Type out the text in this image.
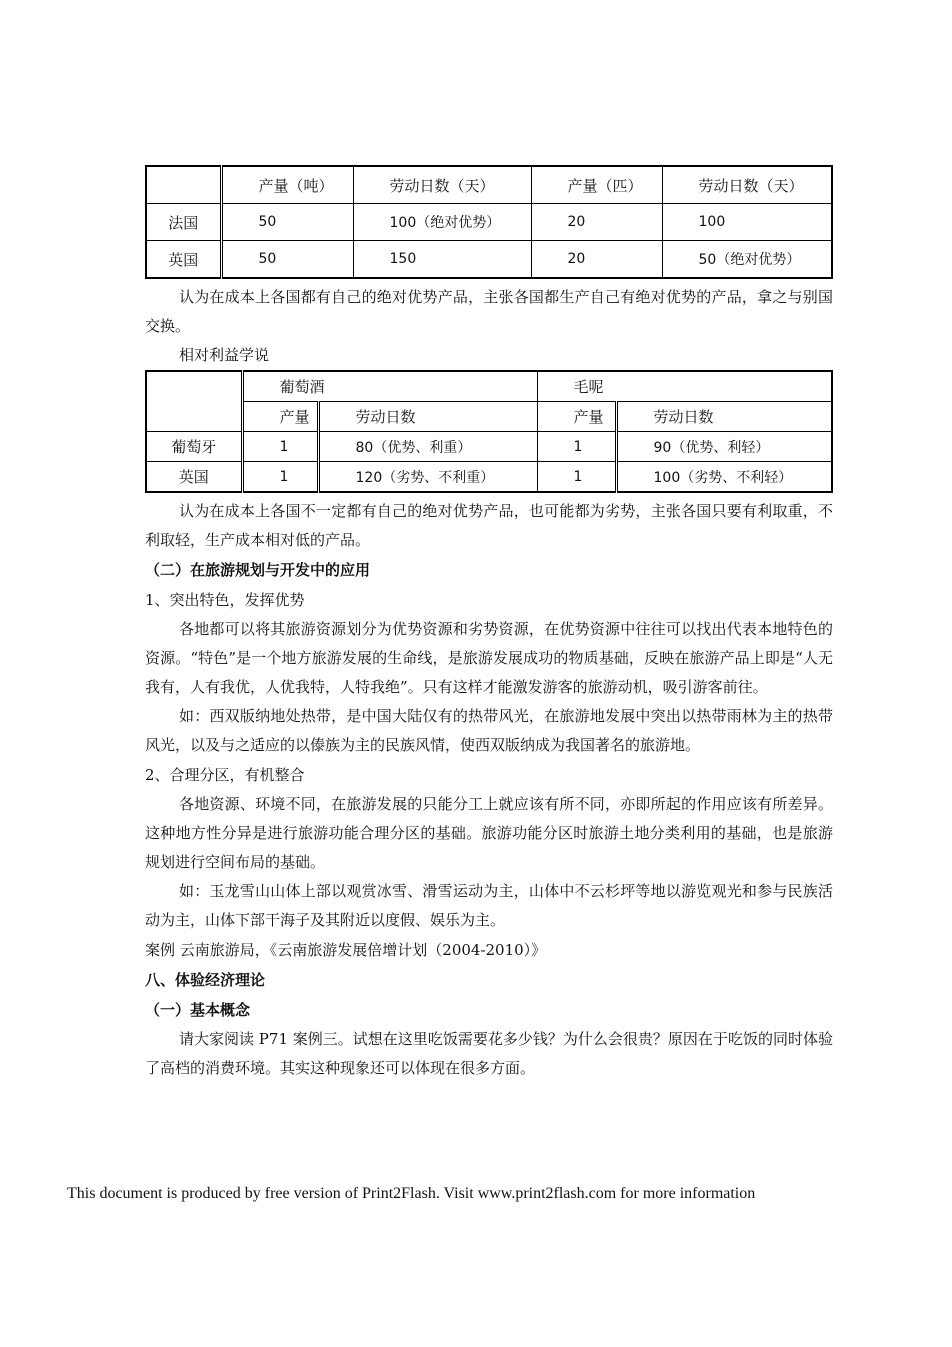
	产量（吨）	劳动日数（天）	产量（匹）	劳动日数（天）
法国	50	100（绝对优势）	20	100
英国	50	150	20	50（绝对优势）

认为在成本上各国都有自己的绝对优势产品，主张各国都生产自己有绝对优势的产品，拿之与别国交换。

相对利益学说

	葡萄酒		毛呢	
	产量	劳动日数	产量	劳动日数
葡萄牙	1	80（优势、利重）	1	90（优势、利轻）
英国	1	120（劣势、不利重）	1	100（劣势、不利轻）

认为在成本上各国不一定都有自己的绝对优势产品，也可能都为劣势，主张各国只要有利取重，不利取轻，生产成本相对低的产品。

（二）在旅游规划与开发中的应用

1、突出特色，发挥优势

各地都可以将其旅游资源划分为优势资源和劣势资源，在优势资源中往往可以找出代表本地特色的资源。“特色”是一个地方旅游发展的生命线，是旅游发展成功的物质基础，反映在旅游产品上即是“人无我有，人有我优，人优我特，人特我绝”。只有这样才能激发游客的旅游动机，吸引游客前往。

如：西双版纳地处热带，是中国大陆仅有的热带风光，在旅游地发展中突出以热带雨林为主的热带风光，以及与之适应的以傣族为主的民族风情，使西双版纳成为我国著名的旅游地。

2、合理分区，有机整合

各地资源、环境不同，在旅游发展的只能分工上就应该有所不同，亦即所起的作用应该有所差异。这种地方性分异是进行旅游功能合理分区的基础。旅游功能分区时旅游土地分类利用的基础，也是旅游规划进行空间布局的基础。

如：玉龙雪山山体上部以观赏冰雪、滑雪运动为主，山体中不云杉坪等地以游览观光和参与民族活动为主，山体下部干海子及其附近以度假、娱乐为主。

案例 云南旅游局，《云南旅游发展倍增计划（2004-2010）》

八、体验经济理论

（一）基本概念

请大家阅读 P71 案例三。试想在这里吃饭需要花多少钱？为什么会很贵？原因在于吃饭的同时体验了高档的消费环境。其实这种现象还可以体现在很多方面。

This document is produced by free version of Print2Flash. Visit www.print2flash.com for more information
